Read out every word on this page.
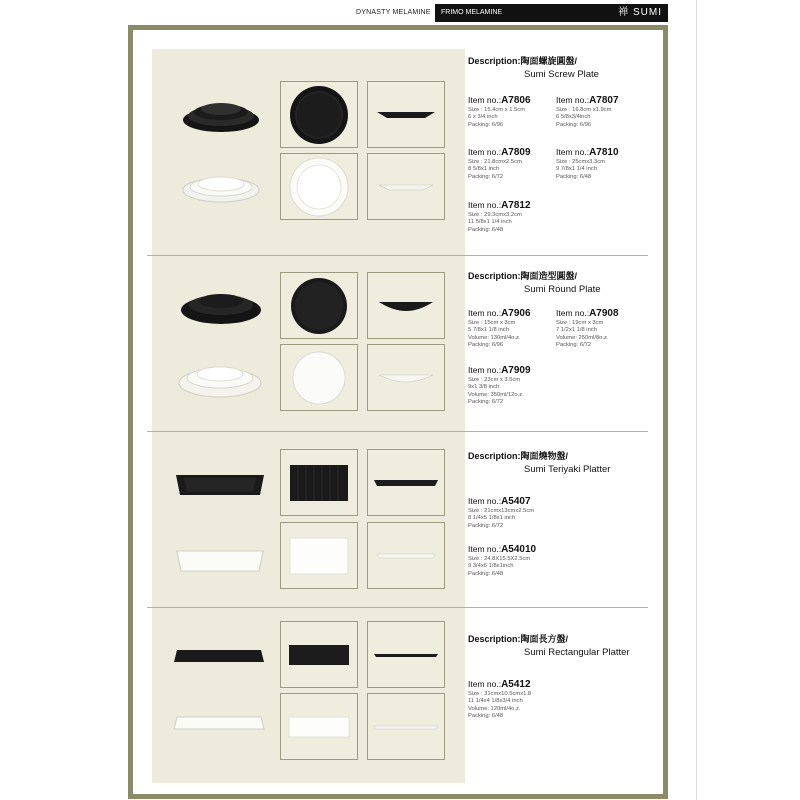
DYNASTY MELAMINE	FRIMO MELAMINE	禅 SUMI
Description:陶面螺旋圓盤/
Sumi Screw Plate
Item no.:A7806
Size : 15.4cm x 1.5cm
6 x 3/4 inch
Packing: 6/96
Item no.:A7807
Size : 16.8cm x1.9cm
6 5/8x3/4inch
Packing: 6/96
Item no.:A7809
Size : 21.8cmx2.5cm
8 5/8x1 inch
Packing: 6/72
Item no.:A7810
Size : 25cmx3.3cm
9 7/8x1 1/4 inch
Packing: 6/48
Item no.:A7812
Size : 29.3cmx3.2cm
11 5/8x1 1/4 inch
Packing: 6/48
Description:陶面造型圓盤/
Sumi Round Plate
Item no.:A7906
Size : 15cm x 3cm
5 7/8x1 1/8 inch
Volume: 130ml/4o.z.
Packing: 6/96
Item no.:A7908
Size : 19cm x 3cm
7 1/2x1 1/8 inch
Volume: 250ml/8o.z.
Packing: 6/72
Item no.:A7909
Size : 23cm x 3.5cm
9x1 3/8 inch
Volume: 350ml/12o.z.
Packing: 6/72
Description:陶面燒物盤/
Sumi Teriyaki Platter
Item no.:A5407
Size : 21cmx13cmx2.5cm
8 1/4x5 1/8x1 inch
Packing: 6/72
Item no.:A54010
Size : 24.8X15.5X2.5cm
9 3/4x6 1/8x1inch
Packing: 6/48
Description:陶面長方盤/
Sumi Rectangular Platter
Item no.:A5412
Size : 31cmx10.5cmx1.8
11 1/4x4 1/8x3/4 inch
Volume: 120ml/4o.z.
Packing: 6/48
